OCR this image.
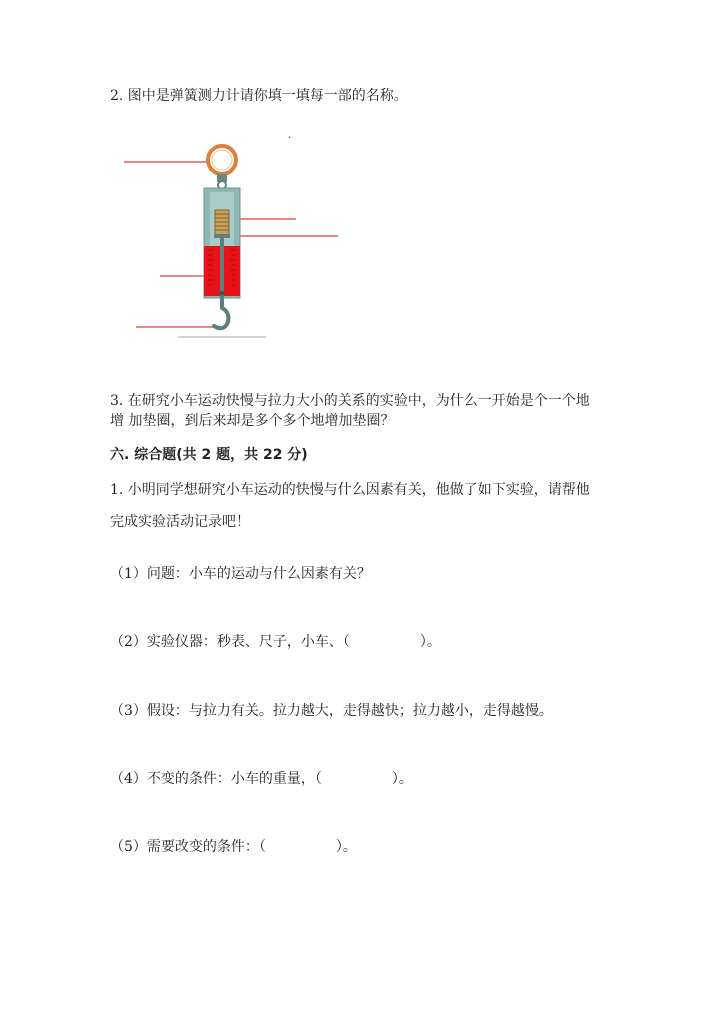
2. 图中是弹簧测力计请你填一填每一部的名称。
.
3. 在研究小车运动快慢与拉力大小的关系的实验中，为什么一开始是个一个地
增 加垫圈，到后来却是多个多个地增加垫圈？
六. 综合题(共 2 题，共 22 分)
1. 小明同学想研究小车运动的快慢与什么因素有关，他做了如下实验，请帮他
完成实验活动记录吧！
（1）问题：小车的运动与什么因素有关？
（2）实验仪器：秒表、尺子，小车、（	）。
（3）假设：与拉力有关。拉力越大，走得越快；拉力越小，走得越慢。
（4）不变的条件：小车的重量，（	）。
（5）需要改变的条件：（	）。
